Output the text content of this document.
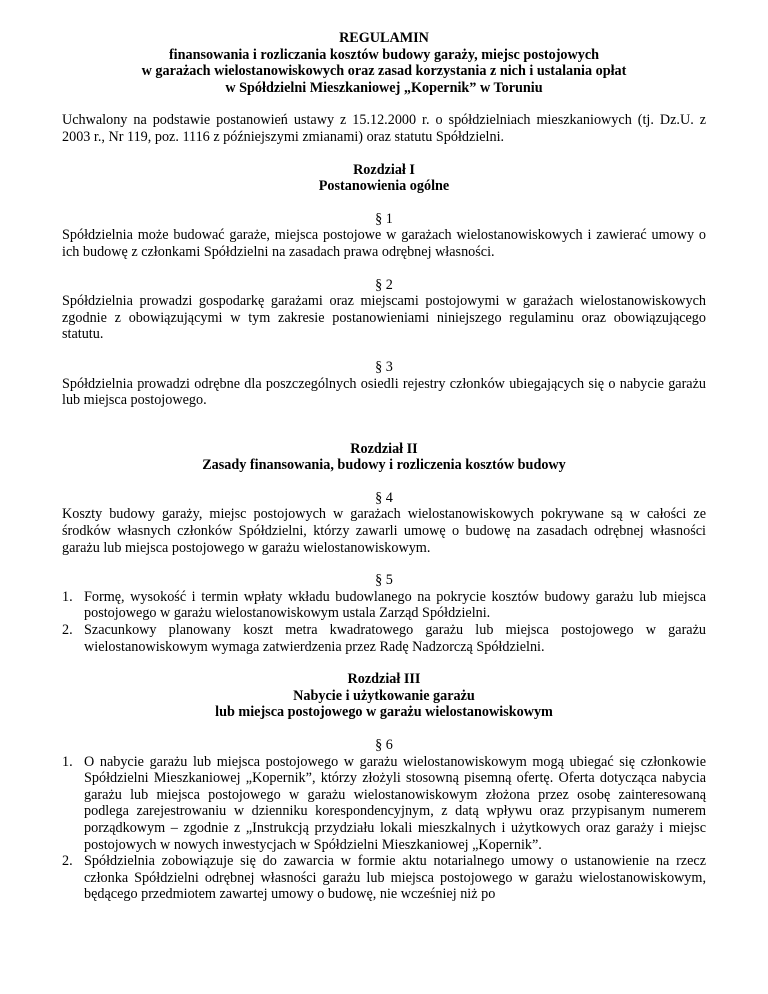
REGULAMIN
finansowania i rozliczania kosztów budowy garaży, miejsc postojowych
w garażach wielostanowiskowych oraz zasad korzystania z nich i ustalania opłat
w Spółdzielni Mieszkaniowej „Kopernik” w Toruniu
Uchwalony na podstawie postanowień ustawy z 15.12.2000 r. o spółdzielniach mieszkaniowych (tj. Dz.U. z 2003 r., Nr 119, poz. 1116 z późniejszymi zmianami) oraz statutu Spółdzielni.
Rozdział I
Postanowienia ogólne
§ 1
Spółdzielnia może budować garaże, miejsca postojowe w garażach wielostanowiskowych i zawierać umowy o ich budowę z członkami Spółdzielni na zasadach prawa odrębnej własności.
§ 2
Spółdzielnia prowadzi gospodarkę garażami oraz miejscami postojowymi w garażach wielostanowiskowych zgodnie z obowiązującymi w tym zakresie postanowieniami niniejszego regulaminu oraz obowiązującego statutu.
§ 3
Spółdzielnia prowadzi odrębne dla poszczególnych osiedli rejestry członków ubiegających się o nabycie garażu lub miejsca postojowego.
Rozdział II
Zasady finansowania, budowy i rozliczenia kosztów budowy
§ 4
Koszty budowy garaży, miejsc postojowych w garażach wielostanowiskowych pokrywane są w całości ze środków własnych członków Spółdzielni, którzy zawarli umowę o budowę na zasadach odrębnej własności garażu lub miejsca postojowego w garażu wielostanowiskowym.
§ 5
1. Formę, wysokość i termin wpłaty wkładu budowlanego na pokrycie kosztów budowy garażu lub miejsca postojowego w garażu wielostanowiskowym ustala Zarząd Spółdzielni.
2. Szacunkowy planowany koszt metra kwadratowego garażu lub miejsca postojowego w garażu wielostanowiskowym wymaga zatwierdzenia przez Radę Nadzorczą Spółdzielni.
Rozdział III
Nabycie i użytkowanie garażu
lub miejsca postojowego w garażu wielostanowiskowym
§ 6
1. O nabycie garażu lub miejsca postojowego w garażu wielostanowiskowym mogą ubiegać się członkowie Spółdzielni Mieszkaniowej „Kopernik”, którzy złożyli stosowną pisemną ofertę. Oferta dotycząca nabycia garażu lub miejsca postojowego w garażu wielostanowiskowym złożona przez osobę zainteresowaną podlega zarejestrowaniu w dzienniku korespondencyjnym, z datą wpływu oraz przypisanym numerem porządkowym – zgodnie z „Instrukcją przydziału lokali mieszkalnych i użytkowych oraz garaży i miejsc postojowych w nowych inwestycjach w Spółdzielni Mieszkaniowej „Kopernik”.
2. Spółdzielnia zobowiązuje się do zawarcia w formie aktu notarialnego umowy o ustanowienie na rzecz członka Spółdzielni odrębnej własności garażu lub miejsca postojowego w garażu wielostanowiskowym, będącego przedmiotem zawartej umowy o budowę, nie wcześniej niż po
